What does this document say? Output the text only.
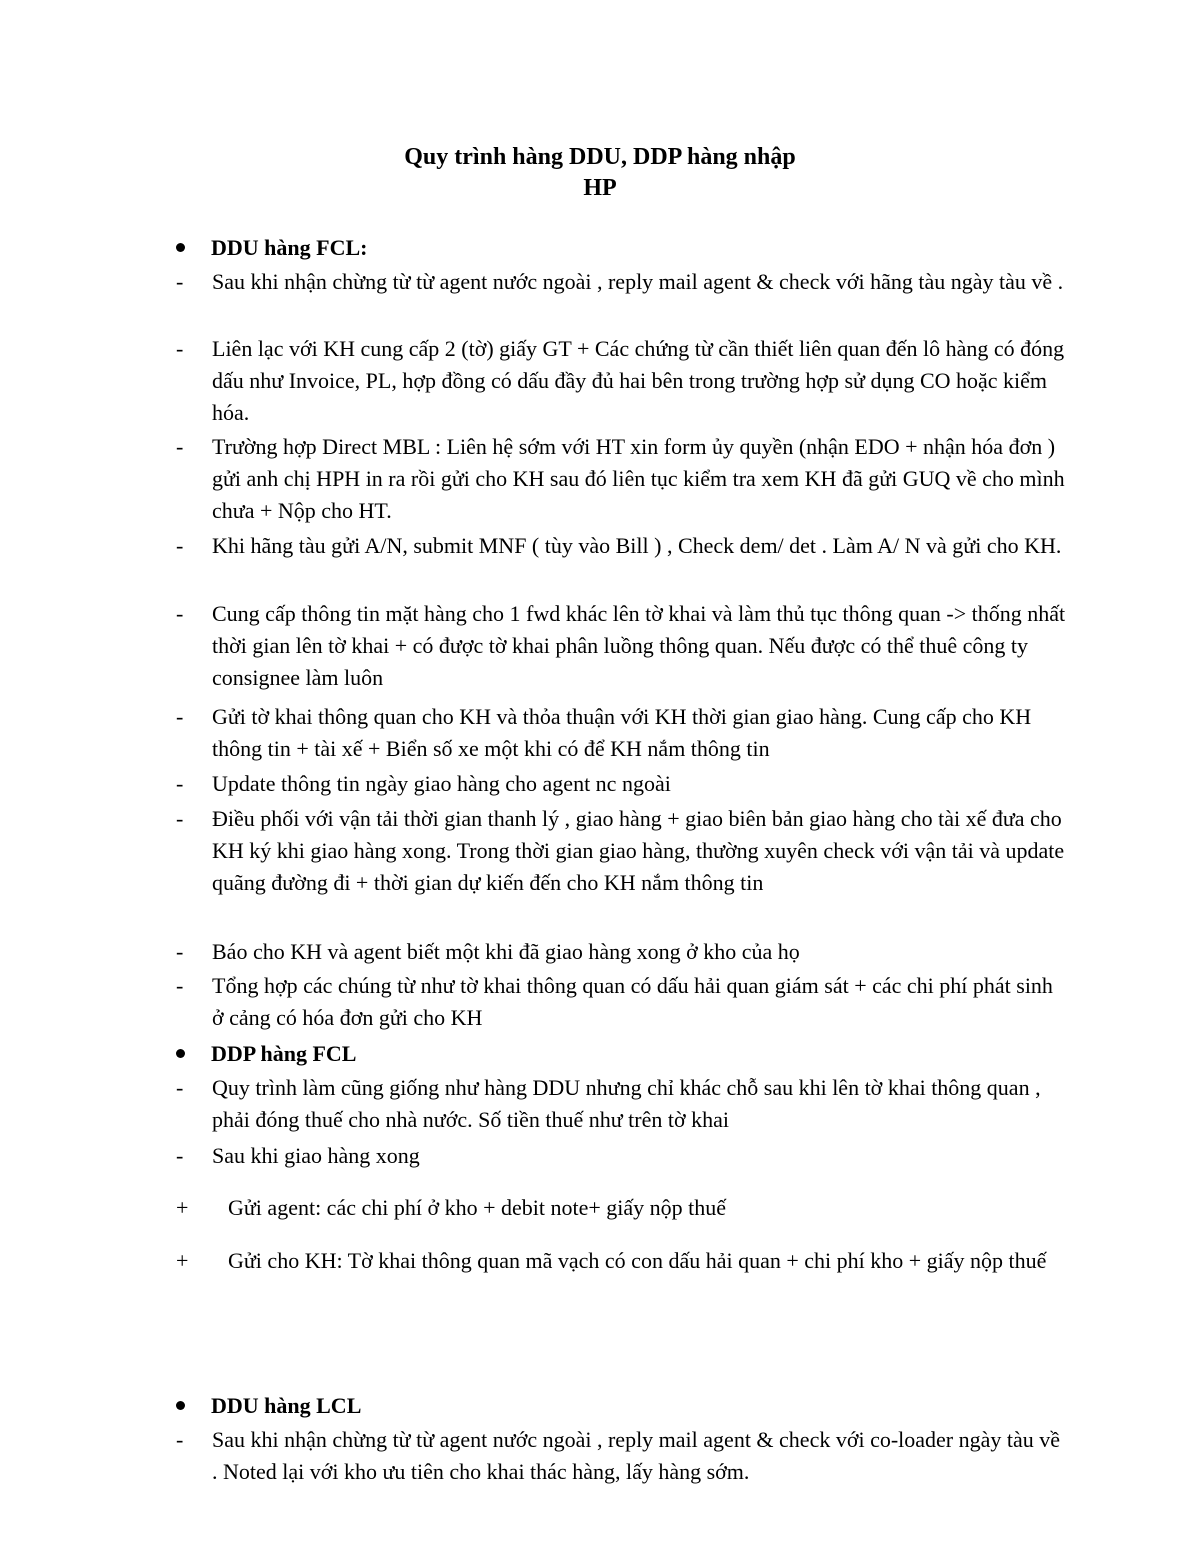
Quy trình hàng DDU, DDP hàng nhập
HP
DDU hàng FCL:
- Sau khi nhận chừng từ từ agent nước ngoài , reply mail agent & check với hãng tàu ngày tàu về .
- Liên lạc với KH cung cấp 2 (tờ) giấy GT + Các chứng từ cần thiết liên quan đến lô hàng có đóng dấu như Invoice, PL, hợp đồng có dấu đầy đủ hai bên trong trường hợp sử dụng CO hoặc kiểm hóa.
- Trường hợp Direct MBL : Liên hệ sớm với HT xin form ủy quyền (nhận EDO + nhận hóa đơn ) gửi anh chị HPH in ra rồi gửi cho KH sau đó liên tục kiểm tra xem KH đã gửi GUQ về cho mình chưa + Nộp cho HT.
- Khi hãng tàu gửi A/N, submit MNF ( tùy vào Bill ) , Check dem/ det . Làm A/ N và gửi cho KH.
- Cung cấp thông tin mặt hàng cho 1 fwd khác lên tờ khai và làm thủ tục thông quan -> thống nhất thời gian lên tờ khai + có được tờ khai phân luồng thông quan. Nếu được có thể thuê công ty consignee làm luôn
- Gửi tờ khai thông quan cho KH và thỏa thuận với KH thời gian giao hàng. Cung cấp cho KH thông tin + tài xế + Biển số xe một khi có để KH nắm thông tin
- Update thông tin ngày giao hàng cho agent nc ngoài
- Điều phối với vận tải thời gian thanh lý , giao hàng + giao biên bản giao hàng cho tài xế đưa cho KH ký khi giao hàng xong. Trong thời gian giao hàng, thường xuyên check với vận tải và update quãng đường đi + thời gian dự kiến đến cho KH nắm thông tin
- Báo cho KH và agent biết một khi đã giao hàng xong ở kho của họ
- Tổng hợp các chúng từ như tờ khai thông quan có dấu hải quan giám sát + các chi phí phát sinh ở cảng có hóa đơn gửi cho KH
DDP hàng FCL
- Quy trình làm cũng giống như hàng DDU nhưng chỉ khác chỗ sau khi lên tờ khai thông quan , phải đóng thuế cho nhà nước. Số tiền thuế như trên tờ khai
- Sau khi giao hàng xong
+ Gửi agent: các chi phí ở kho + debit note+ giấy nộp thuế
+ Gửi cho KH: Tờ khai thông quan mã vạch có con dấu hải quan + chi phí kho + giấy nộp thuế
DDU hàng LCL
- Sau khi nhận chừng từ từ agent nước ngoài , reply mail agent & check với co-loader ngày tàu về . Noted lại với kho ưu tiên cho khai thác hàng, lấy hàng sớm.
